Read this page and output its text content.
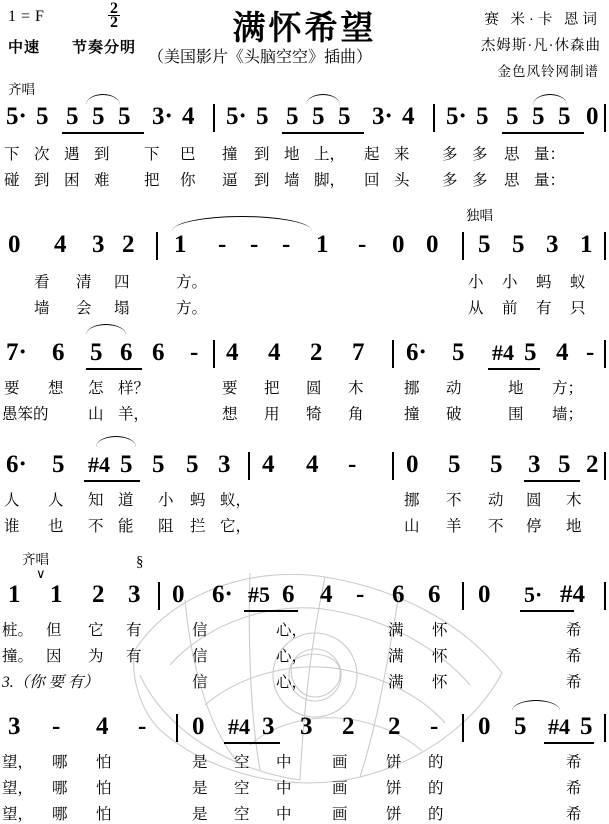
1 = F	$\frac{2}{2}$	满怀希望	赛 米·卡 恩词
杰姆斯·凡·休森曲
金色风铃网制谱
中速 节奏分明
（美国影片《头脑空空》插曲）
齐唱
5· 5 5 5 5 3· 4 5· 5 5 5 5 3· 4 5· 5 5 5 5 0
下 次 遇 到 下 巴 撞 到 地 上， 起 来 多 多 思 量：
碰 到 困 难 把 你 逼 到 墙 脚， 回 头 多 多 思 量：
独唱
0 4 3 2 1 - - - 1 - 0 0 5 5 3 1
看 清 四	方。	小 小 蚂 蚁
墙 会 塌	方。	从 前 有 只
7· 6 5 6 6 - 4 4 2 7 6· 5 #4 5 4 -
要 想 怎 样？	要 把 圆 木	挪 动	地 方；
愚笨的	山 羊，	想 用 犄 角	撞 破	围 墙；
6· 5 #4 5 5 5 3 4 4 - 0 5 5 3 5 2
人 人 知 道 小 蚂 蚁，	挪 不 动 圆 木
谁 也 不 能 阻 拦 它，	山 羊 不 停 地
齐唱	§
∨
1 1 2 3 0 6· #5 6 4 - 6 6 0 5· #4
桩。 但 它 有	信	心，	满 怀	希
撞。 因 为 有	信	心，	满 怀	希
3.（你 要 有）	信	心，	满 怀	希
3 - 4 - 0 #4 3 3 2 2 - 0 5 #4 5
望， 哪 怕	是 空 中	画 饼 的	希
望， 哪 怕	是 空 中	画 饼 的	希
望， 哪 怕	是 空 中	画 饼 的	希
